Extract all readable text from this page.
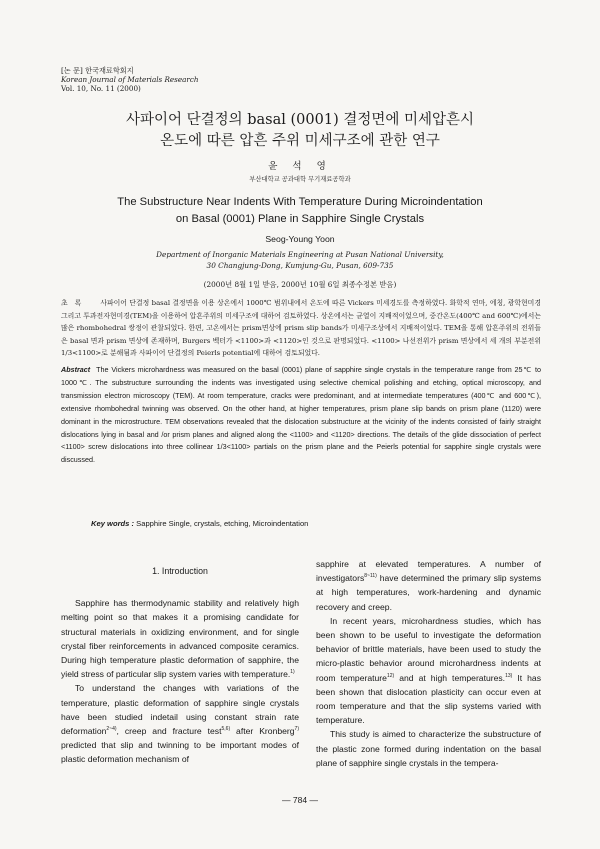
[논 문] 한국재료학회지
Korean Journal of Materials Research
Vol. 10, No. 11 (2000)
사파이어 단결정의 basal (0001) 결정면에 미세압흔시
온도에 따른 압흔 주위 미세구조에 관한 연구
윤 석 영
부산대학교 공과대학 무기재료공학과
The Substructure Near Indents With Temperature During Microindentation
on Basal (0001) Plane in Sapphire Single Crystals
Seog-Young Yoon
Department of Inorganic Materials Engineering at Pusan National University,
30 Changjung-Dong, Kumjung-Gu, Pusan, 609-735
(2000년 8월 1일 받음, 2000년 10월 6일 최종수정본 받음)
초록 사파이어 단결정 basal 결정면을 이용 상온에서 1000℃ 범위내에서 온도에 따른 Vickers 미세경도를 측정하였다. 화학적 연마, 에칭, 광학현미경 그리고 투과전자현미경(TEM)을 이용하여 압흔주위의 미세구조에 대하여 검토하였다. 상온에서는 균열이 지배적이었으며, 중간온도(400℃ and 600℃)에서는 많은 rhombohedral 쌍정이 관찰되었다. 한편, 고온에서는 prism면상에 prism slip bands가 미세구조상에서 지배적이었다. TEM을 통해 압흔주위의 전위들은 basal 면과 prism 면상에 존재하며, Burgers 벡터가 <1100>과 <1120>인 것으로 판명되었다. <1100> 나선전위가 prism 면상에서 세 개의 부분전위 1/3<1100>로 분해됨과 사파이어 단결정의 Peierls potential에 대하여 검토되었다.
Abstract The Vickers microhardness was measured on the basal (0001) plane of sapphire single crystals in the temperature range from 25℃ to 1000℃. The substructure surrounding the indents was investigated using selective chemical polishing and etching, optical microscopy, and transmission electron microscopy (TEM). At room temperature, cracks were predominant, and at intermediate temperatures (400℃ and 600℃), extensive rhombohedral twinning was observed. On the other hand, at higher temperatures, prism plane slip bands on prism plane (1120) were dominant in the microstructure. TEM observations revealed that the dislocation substructure at the vicinity of the indents consisted of fairly straight dislocations lying in basal and /or prism planes and aligned along the <1100> and <1120> directions. The details of the glide dissociation of perfect <1100> screw dislocations into three collinear 1/3<1100> partials on the prism plane and the Peierls potential for sapphire single crystals were discussed.
Key words : Sapphire Single, crystals, etching, Microindentation
1. Introduction

Sapphire has thermodynamic stability and relatively high melting point so that makes it a promising candidate for structural materials in oxidizing environment, and for single crystal fiber reinforcements in advanced composite ceramics. During high temperature plastic deformation of sapphire, the yield stress of particular slip system varies with temperature.$^{1)}$

To understand the changes with variations of the temperature, plastic deformation of sapphire single crystals have been studied indetail using constant strain rate deformation$^{2\sim 4)}$, creep and fracture test$^{5,6)}$ after Kronberg$^{7)}$ predicted that slip and twinning to be important modes of plastic deformation mechanism of

sapphire at elevated temperatures. A number of investigators$^{8\sim 11)}$ have determined the primary slip systems at high temperatures, work-hardening and dynamic recovery and creep.

In recent years, microhardness studies, which has been shown to be useful to investigate the deformation behavior of brittle materials, have been used to study the micro-plastic behavior around microhardness indents at room temperature$^{12)}$ and at high temperatures.$^{13)}$ It has been shown that dislocation plasticity can occur even at room temperature and that the slip systems varied with temperature.

This study is aimed to characterize the substructure of the plastic zone formed during indentation on the basal plane of sapphire single crystals in the tempera-

— 784 —
